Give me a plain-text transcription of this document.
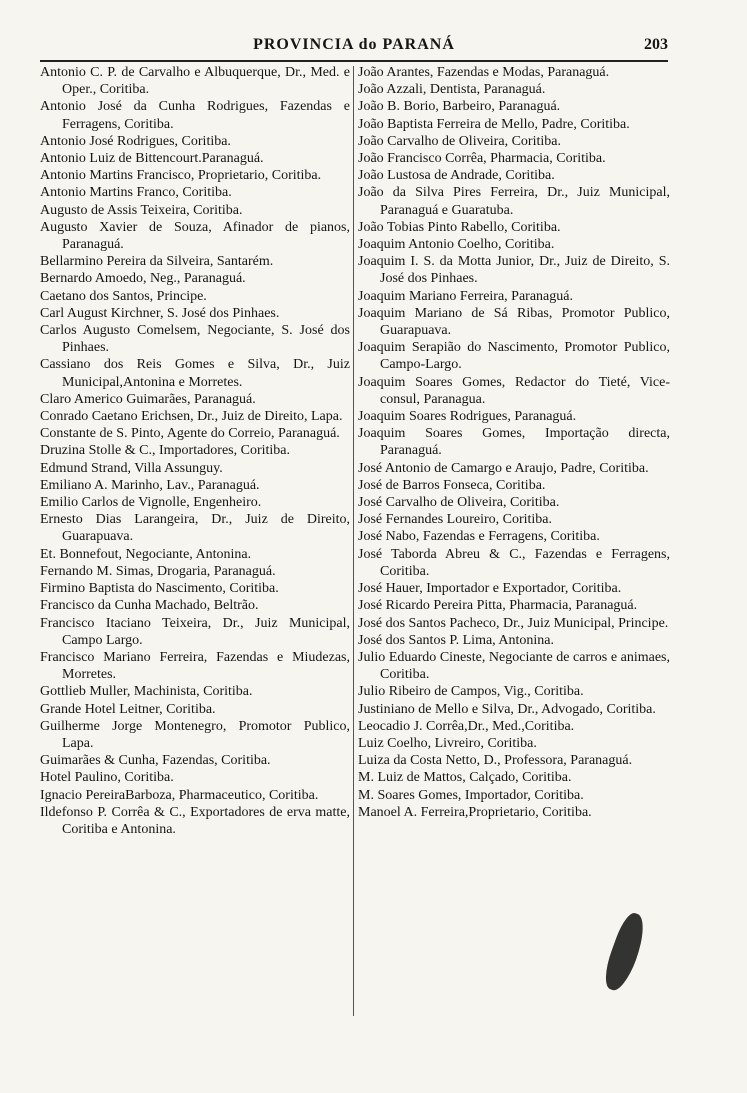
PROVINCIA do PARANÁ	203
Antonio C. P. de Carvalho e Albuquerque, Dr., Med. e Oper., Coritiba.
Antonio José da Cunha Rodrigues, Fazendas e Ferragens, Coritiba.
Antonio José Rodrigues, Coritiba.
Antonio Luiz de Bittencourt.Paranaguá.
Antonio Martins Francisco, Proprietario, Coritiba.
Antonio Martins Franco, Coritiba.
Augusto de Assis Teixeira, Coritiba.
Augusto Xavier de Souza, Afinador de pianos, Paranaguá.
Bellarmino Pereira da Silveira, Santarém.
Bernardo Amoedo, Neg., Paranaguá.
Caetano dos Santos, Principe.
Carl August Kirchner, S. José dos Pinhaes.
Carlos Augusto Comelsem, Negociante, S. José dos Pinhaes.
Cassiano dos Reis Gomes e Silva, Dr., Juiz Municipal,Antonina e Morretes.
Claro Americo Guimarães, Paranaguá.
Conrado Caetano Erichsen, Dr., Juiz de Direito, Lapa.
Constante de S. Pinto, Agente do Correio, Paranaguá.
Druzina Stolle & C., Importadores, Coritiba.
Edmund Strand, Villa Assunguy.
Emiliano A. Marinho, Lav., Paranaguá.
Emilio Carlos de Vignolle, Engenheiro.
Ernesto Dias Larangeira, Dr., Juiz de Direito, Guarapuava.
Et. Bonnefout, Negociante, Antonina.
Fernando M. Simas, Drogaria, Paranaguá.
Firmino Baptista do Nascimento, Coritiba.
Francisco da Cunha Machado, Beltrão.
Francisco Itaciano Teixeira, Dr., Juiz Municipal, Campo Largo.
Francisco Mariano Ferreira, Fazendas e Miudezas, Morretes.
Gottlieb Muller, Machinista, Coritiba.
Grande Hotel Leitner, Coritiba.
Guilherme Jorge Montenegro, Promotor Publico, Lapa.
Guimarães & Cunha, Fazendas, Coritiba.
Hotel Paulino, Coritiba.
Ignacio PereiraBarboza, Pharmaceutico, Coritiba.
Ildefonso P. Corrêa & C., Exportadores de erva matte, Coritiba e Antonina.
João Arantes, Fazendas e Modas, Paranaguá.
João Azzali, Dentista, Paranaguá.
João B. Borio, Barbeiro, Paranaguá.
João Baptista Ferreira de Mello, Padre, Coritiba.
João Carvalho de Oliveira, Coritiba.
João Francisco Corrêa, Pharmacia, Coritiba.
João Lustosa de Andrade, Coritiba.
João da Silva Pires Ferreira, Dr., Juiz Municipal, Paranaguá e Guaratuba.
João Tobias Pinto Rabello, Coritiba.
Joaquim Antonio Coelho, Coritiba.
Joaquim I. S. da Motta Junior, Dr., Juiz de Direito, S. José dos Pinhaes.
Joaquim Mariano Ferreira, Paranaguá.
Joaquim Mariano de Sá Ribas, Promotor Publico, Guarapuava.
Joaquim Serapião do Nascimento, Promotor Publico, Campo-Largo.
Joaquim Soares Gomes, Redactor do Tieté, Vice-consul, Paranagua.
Joaquim Soares Rodrigues, Paranaguá.
Joaquim Soares Gomes, Importação directa, Paranaguá.
José Antonio de Camargo e Araujo, Padre, Coritiba.
José de Barros Fonseca, Coritiba.
José Carvalho de Oliveira, Coritiba.
José Fernandes Loureiro, Coritiba.
José Nabo, Fazendas e Ferragens, Coritiba.
José Taborda Abreu & C., Fazendas e Ferragens, Coritiba.
José Hauer, Importador e Exportador, Coritiba.
José Ricardo Pereira Pitta, Pharmacia, Paranaguá.
José dos Santos Pacheco, Dr., Juiz Municipal, Principe.
José dos Santos P. Lima, Antonina.
Julio Eduardo Cineste, Negociante de carros e animaes, Coritiba.
Julio Ribeiro de Campos, Vig., Coritiba.
Justiniano de Mello e Silva, Dr., Advogado, Coritiba.
Leocadio J. Corrêa,Dr., Med.,Coritiba.
Luiz Coelho, Livreiro, Coritiba.
Luiza da Costa Netto, D., Professora, Paranaguá.
M. Luiz de Mattos, Calçado, Coritiba.
M. Soares Gomes, Importador, Coritiba.
Manoel A. Ferreira,Proprietario, Coritiba.
